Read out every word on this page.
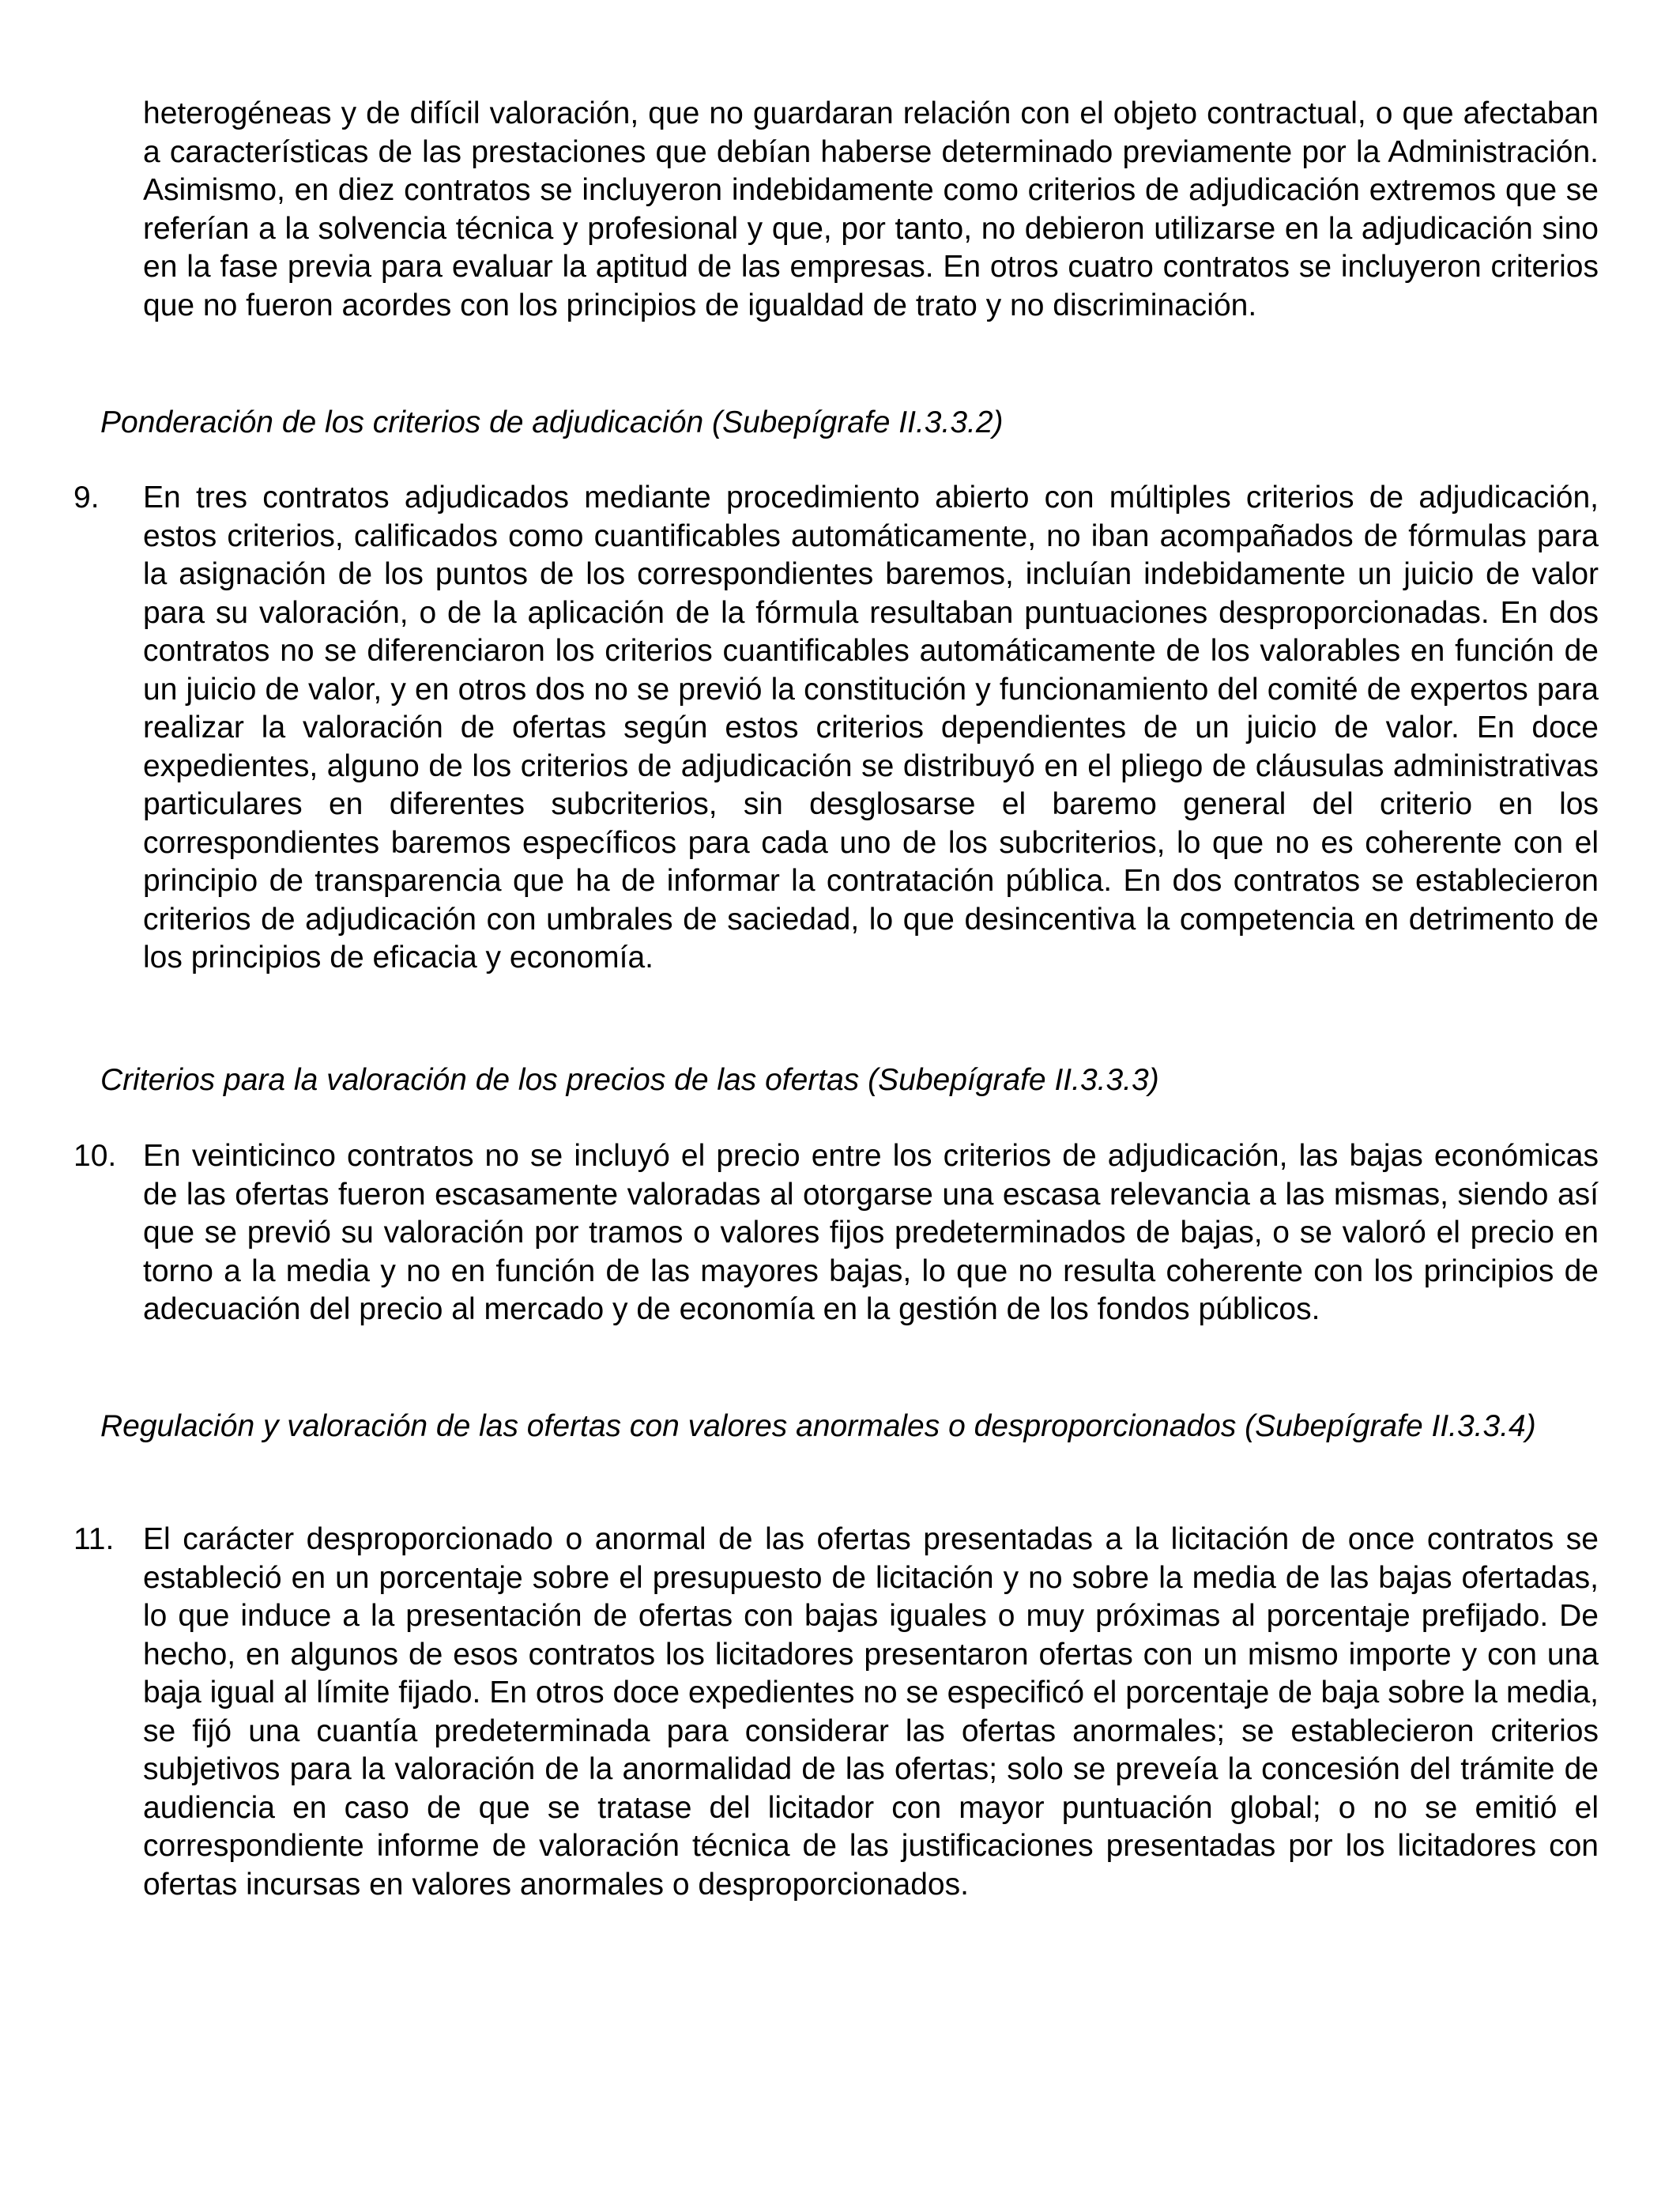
heterogéneas y de difícil valoración, que no guardaran relación con el objeto contractual, o que afectaban a características de las prestaciones que debían haberse determinado previamente por la Administración. Asimismo, en diez contratos se incluyeron indebidamente como criterios de adjudicación extremos que se referían a la solvencia técnica y profesional y que, por tanto, no debieron utilizarse en la adjudicación sino en la fase previa para evaluar la aptitud de las empresas. En otros cuatro contratos se incluyeron criterios que no fueron acordes con los principios de igualdad de trato y no discriminación.

Ponderación de los criterios de adjudicación (Subepígrafe II.3.3.2)

9. En tres contratos adjudicados mediante procedimiento abierto con múltiples criterios de adjudicación, estos criterios, calificados como cuantificables automáticamente, no iban acompañados de fórmulas para la asignación de los puntos de los correspondientes baremos, incluían indebidamente un juicio de valor para su valoración, o de la aplicación de la fórmula resultaban puntuaciones desproporcionadas. En dos contratos no se diferenciaron los criterios cuantificables automáticamente de los valorables en función de un juicio de valor, y en otros dos no se previó la constitución y funcionamiento del comité de expertos para realizar la valoración de ofertas según estos criterios dependientes de un juicio de valor. En doce expedientes, alguno de los criterios de adjudicación se distribuyó en el pliego de cláusulas administrativas particulares en diferentes subcriterios, sin desglosarse el baremo general del criterio en los correspondientes baremos específicos para cada uno de los subcriterios, lo que no es coherente con el principio de transparencia que ha de informar la contratación pública. En dos contratos se establecieron criterios de adjudicación con umbrales de saciedad, lo que desincentiva la competencia en detrimento de los principios de eficacia y economía.

Criterios para la valoración de los precios de las ofertas (Subepígrafe II.3.3.3)

10. En veinticinco contratos no se incluyó el precio entre los criterios de adjudicación, las bajas económicas de las ofertas fueron escasamente valoradas al otorgarse una escasa relevancia a las mismas, siendo así que se previó su valoración por tramos o valores fijos predeterminados de bajas, o se valoró el precio en torno a la media y no en función de las mayores bajas, lo que no resulta coherente con los principios de adecuación del precio al mercado y de economía en la gestión de los fondos públicos.

Regulación y valoración de las ofertas con valores anormales o desproporcionados (Subepígrafe II.3.3.4)

11. El carácter desproporcionado o anormal de las ofertas presentadas a la licitación de once contratos se estableció en un porcentaje sobre el presupuesto de licitación y no sobre la media de las bajas ofertadas, lo que induce a la presentación de ofertas con bajas iguales o muy próximas al porcentaje prefijado. De hecho, en algunos de esos contratos los licitadores presentaron ofertas con un mismo importe y con una baja igual al límite fijado. En otros doce expedientes no se especificó el porcentaje de baja sobre la media, se fijó una cuantía predeterminada para considerar las ofertas anormales; se establecieron criterios subjetivos para la valoración de la anormalidad de las ofertas; solo se preveía la concesión del trámite de audiencia en caso de que se tratase del licitador con mayor puntuación global; o no se emitió el correspondiente informe de valoración técnica de las justificaciones presentadas por los licitadores con ofertas incursas en valores anormales o desproporcionados.
